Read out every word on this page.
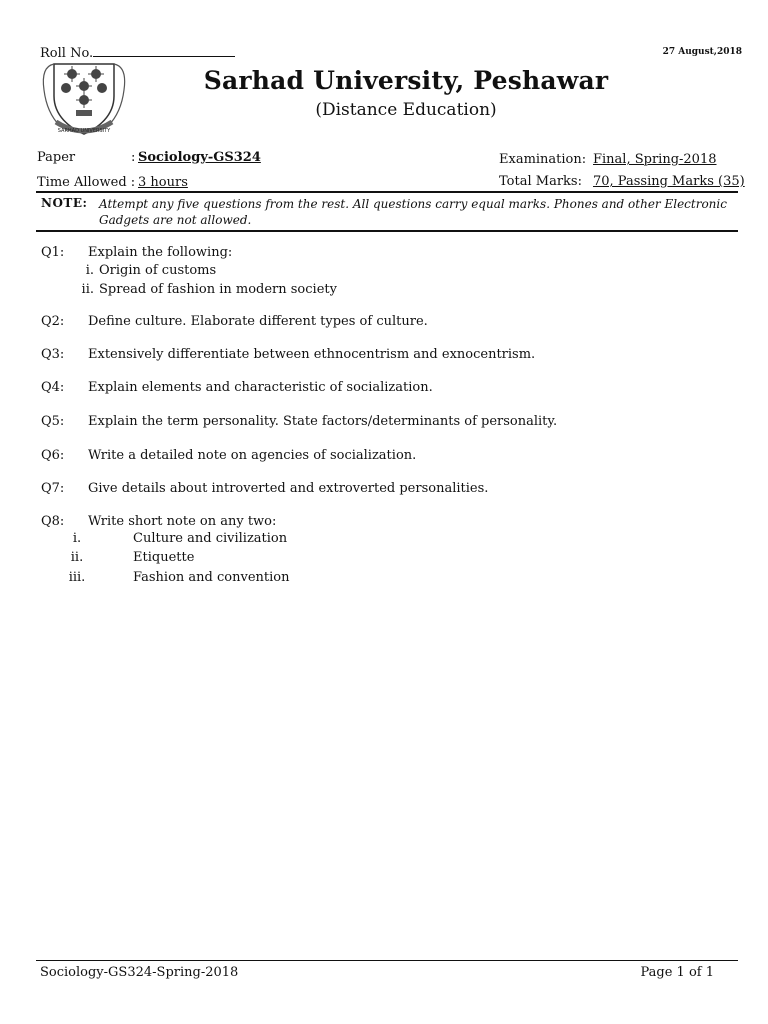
Roll No.	27 August,2018
SARHAD UNIVERSITY
Sarhad University, Peshawar
(Distance Education)
Paper	: Sociology-GS324
Time Allowed : 3 hours
Examination: Final, Spring-2018
Total Marks: 70, Passing Marks (35)
NOTE: Attempt any five questions from the rest. All questions carry equal marks. Phones and other Electronic Gadgets are not allowed.
Q1: Explain the following:
i. Origin of customs
ii. Spread of fashion in modern society
Q2: Define culture. Elaborate different types of culture.
Q3: Extensively differentiate between ethnocentrism and exnocentrism.
Q4: Explain elements and characteristic of socialization.
Q5: Explain the term personality. State factors/determinants of personality.
Q6: Write a detailed note on agencies of socialization.
Q7: Give details about introverted and extroverted personalities.
Q8: Write short note on any two:
i.	Culture and civilization
ii.	Etiquette
iii.	Fashion and convention
Sociology-GS324-Spring-2018	Page 1 of 1
